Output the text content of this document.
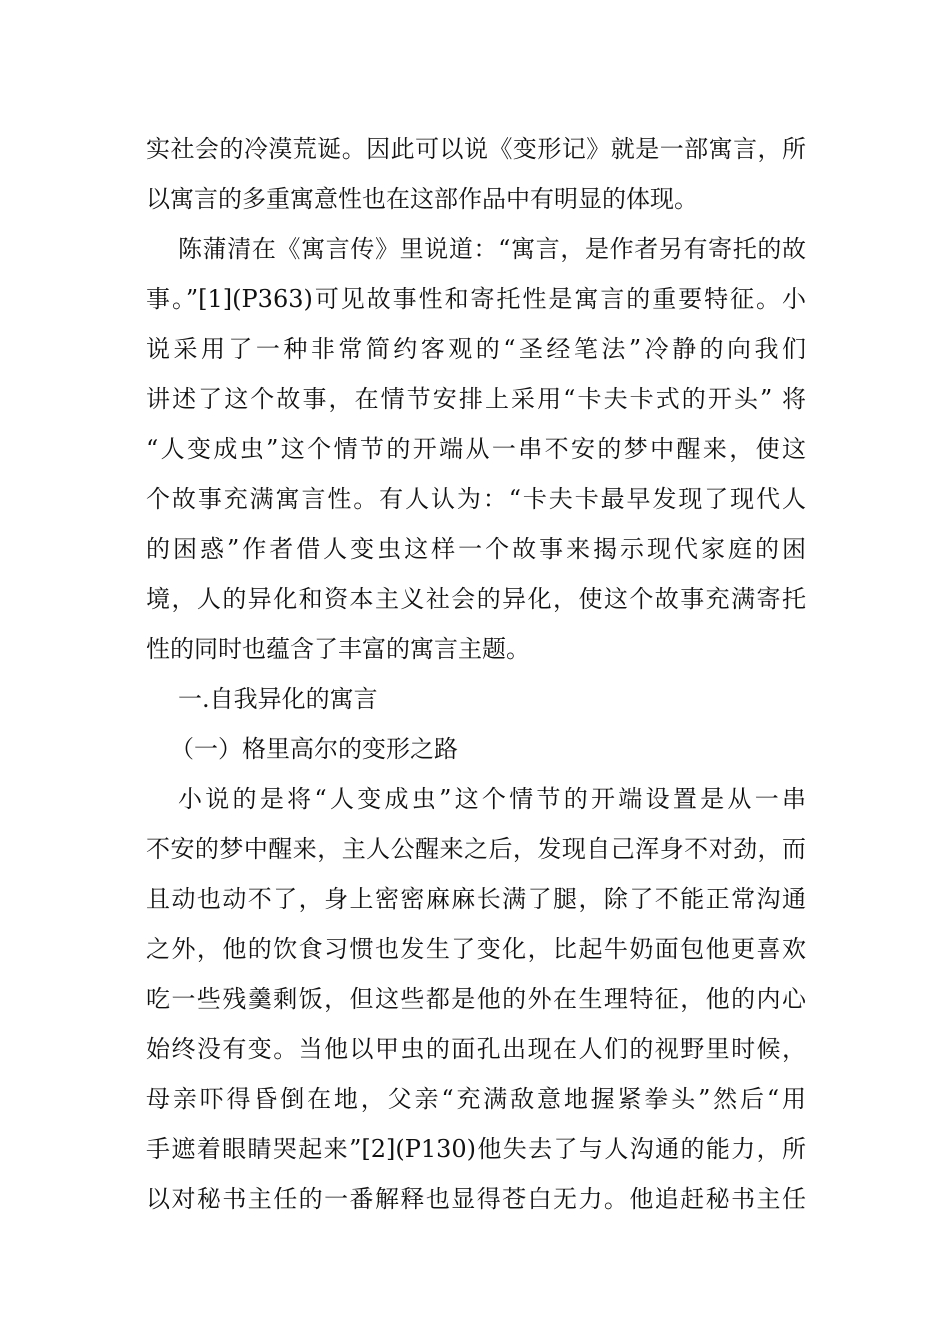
实社会的冷漠荒诞。因此可以说《变形记》就是一部寓言，所
以寓言的多重寓意性也在这部作品中有明显的体现。
陈蒲清在《寓言传》里说道：“寓言，是作者另有寄托的故
事。”[1](P363)可见故事性和寄托性是寓言的重要特征。小
说采用了一种非常简约客观的“圣经笔法”冷静的向我们
讲述了这个故事，在情节安排上采用“卡夫卡式的开头” 将
“人变成虫”这个情节的开端从一串不安的梦中醒来，使这
个故事充满寓言性。有人认为：“卡夫卡最早发现了现代人
的困惑”作者借人变虫这样一个故事来揭示现代家庭的困
境，人的异化和资本主义社会的异化，使这个故事充满寄托
性的同时也蕴含了丰富的寓言主题。
一.自我异化的寓言
（一）格里高尔的变形之路
小说的是将“人变成虫”这个情节的开端设置是从一串
不安的梦中醒来，主人公醒来之后，发现自己浑身不对劲，而
且动也动不了，身上密密麻麻长满了腿，除了不能正常沟通
之外，他的饮食习惯也发生了变化，比起牛奶面包他更喜欢
吃一些残羹剩饭，但这些都是他的外在生理特征，他的内心
始终没有变。当他以甲虫的面孔出现在人们的视野里时候，
母亲吓得昏倒在地，父亲“充满敌意地握紧拳头”然后“用
手遮着眼睛哭起来”[2](P130)他失去了与人沟通的能力，所
以对秘书主任的一番解释也显得苍白无力。他追赶秘书主任
